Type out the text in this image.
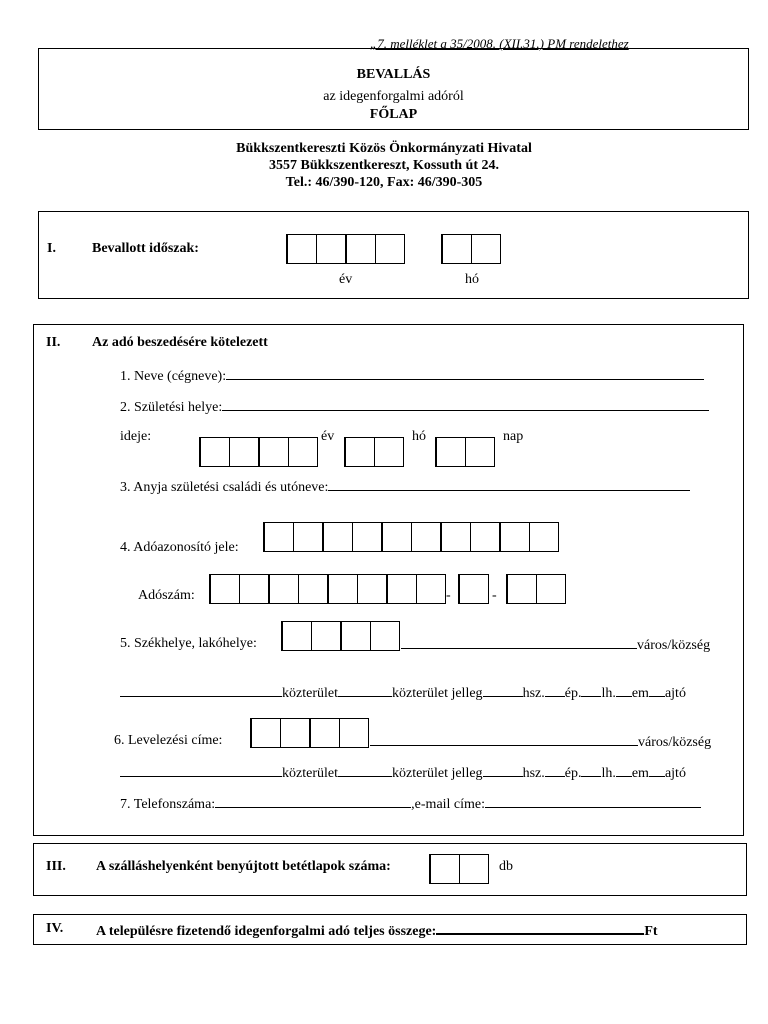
„7. melléklet a 35/2008. (XII.31.) PM rendelethez
BEVALLÁS
az idegenforgalmi adóról
FŐLAP
Bükkszentkereszti Közös Önkormányzati Hivatal
3557 Bükkszentkereszt, Kossuth út 24.
Tel.: 46/390-120, Fax: 46/390-305
I.	Bevallott időszak:
év	hó
II. Az adó beszedésére kötelezett
1. Neve (cégneve):
2. Születési helye:
ideje:	év	hó	nap
3. Anyja születési családi és utóneve:
4. Adóazonosító jele:
Adószám:	-	-
5. Székhelye, lakóhelye:	város/község
közterület	közterület jelleg	hsz. ép. lh. em ajtó
6. Levelezési címe:	város/község
közterület	közterület jelleg	hsz. ép. lh. em ajtó
7. Telefonszáma:	,e-mail címe:
III. A szálláshelyenként benyújtott betétlapok száma:	db
IV. A településre fizetendő idegenforgalmi adó teljes összege:	Ft
